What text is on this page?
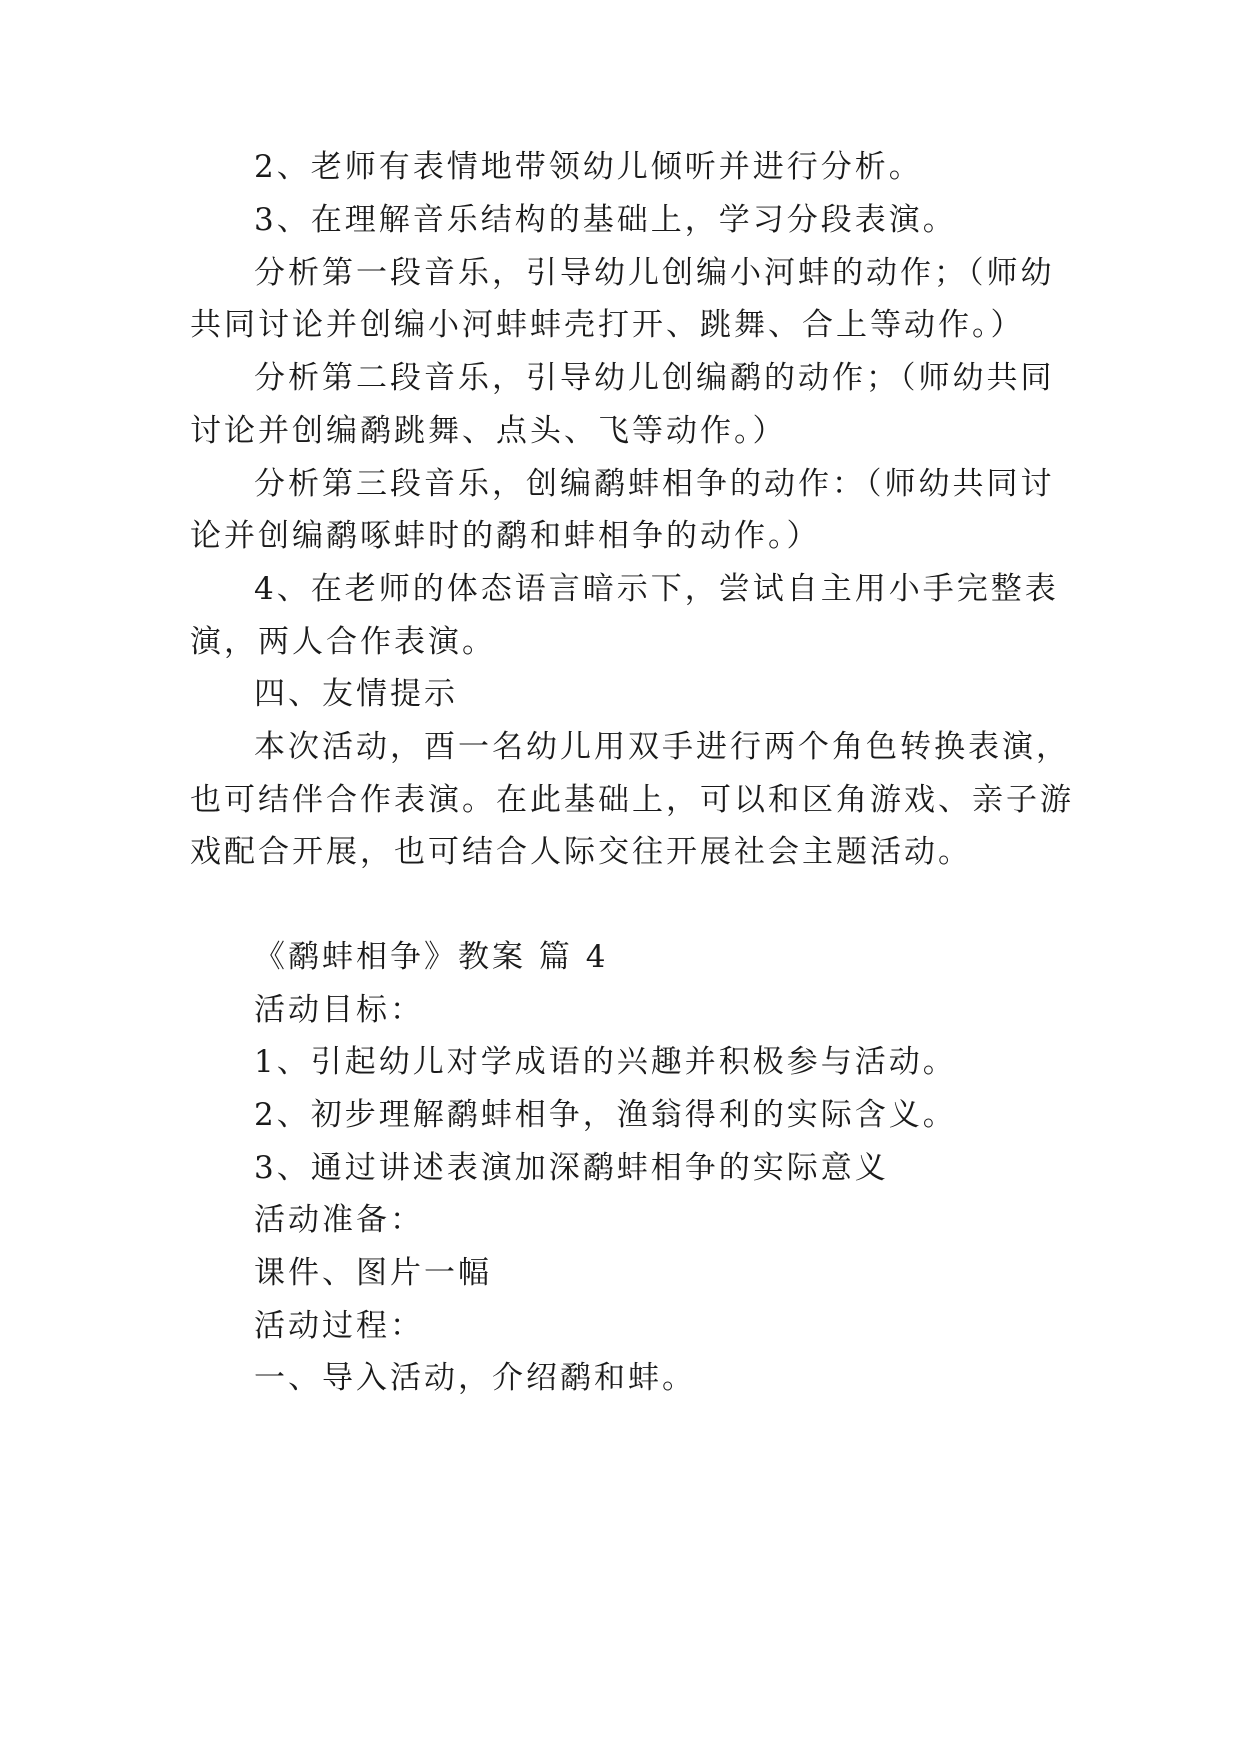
2、老师有表情地带领幼儿倾听并进行分析。
3、在理解音乐结构的基础上，学习分段表演。
分析第一段音乐，引导幼儿创编小河蚌的动作；（师幼
共同讨论并创编小河蚌蚌壳打开、跳舞、合上等动作。）
分析第二段音乐，引导幼儿创编鹬的动作；（师幼共同
讨论并创编鹬跳舞、点头、飞等动作。）
分析第三段音乐，创编鹬蚌相争的动作：（师幼共同讨
论并创编鹬啄蚌时的鹬和蚌相争的动作。）
4、在老师的体态语言暗示下，尝试自主用小手完整表
演，两人合作表演。
四、友情提示
本次活动，酉一名幼儿用双手进行两个角色转换表演，
也可结伴合作表演。在此基础上，可以和区角游戏、亲子游
戏配合开展，也可结合人际交往开展社会主题活动。
《鹬蚌相争》教案 篇 4
活动目标：
1、引起幼儿对学成语的兴趣并积极参与活动。
2、初步理解鹬蚌相争，渔翁得利的实际含义。
3、通过讲述表演加深鹬蚌相争的实际意义
活动准备：
课件、图片一幅
活动过程：
一、导入活动，介绍鹬和蚌。
